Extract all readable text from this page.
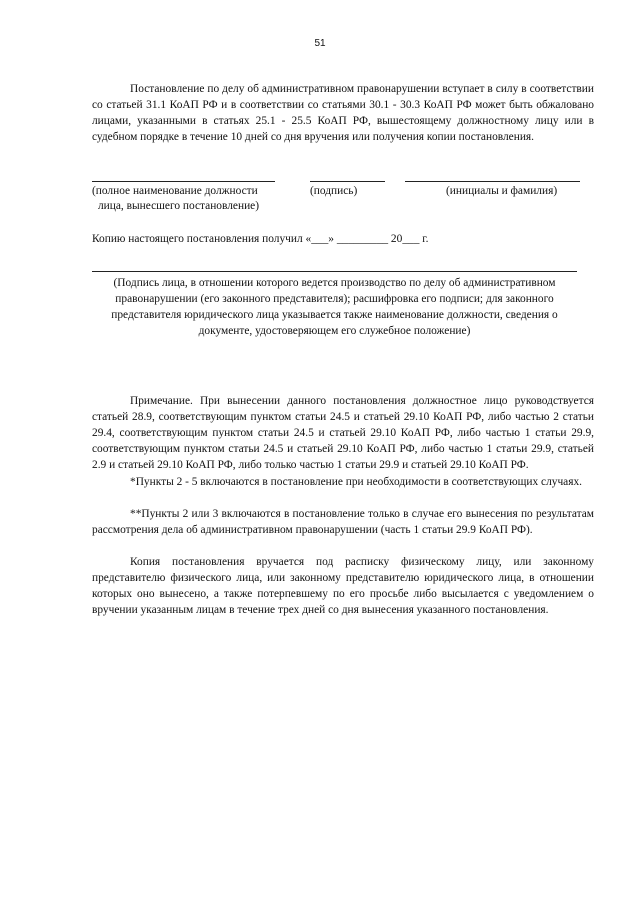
51
Постановление по делу об административном правонарушении вступает в силу в соответствии со статьей 31.1 КоАП РФ и в соответствии со статьями 30.1 - 30.3 КоАП РФ может быть обжаловано лицами, указанными в статьях 25.1 - 25.5 КоАП РФ, вышестоящему должностному лицу или в судебном порядке в течение 10 дней со дня вручения или получения копии постановления.
(полное наименование должности
лица, вынесшего постановление)
(подпись)	(инициалы и фамилия)
Копию настоящего постановления получил «___» _________ 20___ г.
(Подпись лица, в отношении которого ведется производство по делу об административном правонарушении (его законного представителя); расшифровка его подписи; для законного представителя юридического лица указывается также наименование должности, сведения о документе, удостоверяющем его служебное положение)
Примечание. При вынесении данного постановления должностное лицо руководствуется статьей 28.9, соответствующим пунктом статьи 24.5 и статьей 29.10 КоАП РФ, либо частью 2 статьи 29.4, соответствующим пунктом статьи 24.5 и статьей 29.10 КоАП РФ, либо частью 1 статьи 29.9, соответствующим пунктом статьи 24.5 и статьей 29.10 КоАП РФ, либо частью 1 статьи 29.9, статьей 2.9 и статьей 29.10 КоАП РФ, либо только частью 1 статьи 29.9 и статьей 29.10 КоАП РФ.
*Пункты 2 - 5 включаются в постановление при необходимости в соответствующих случаях.
**Пункты 2 или 3 включаются в постановление только в случае его вынесения по результатам рассмотрения дела об административном правонарушении (часть 1 статьи 29.9 КоАП РФ).
Копия постановления вручается под расписку физическому лицу, или законному представителю физического лица, или законному представителю юридического лица, в отношении которых оно вынесено, а также потерпевшему по его просьбе либо высылается с уведомлением о вручении указанным лицам в течение трех дней со дня вынесения указанного постановления.
